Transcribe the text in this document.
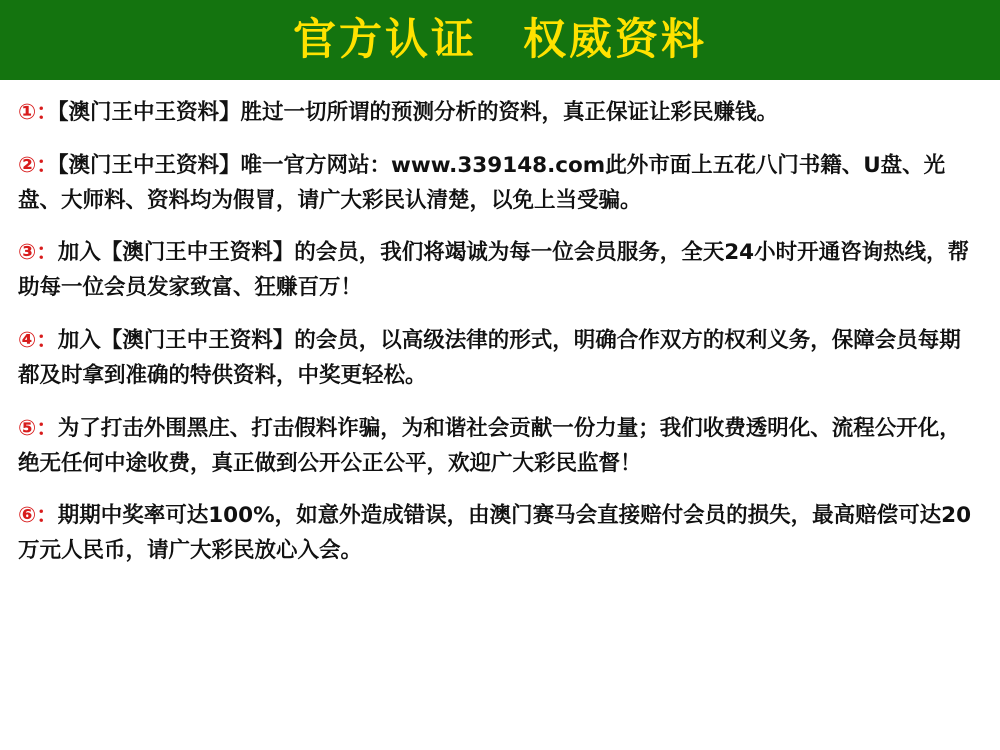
官方认证　权威资料
①：【澳门王中王资料】胜过一切所谓的预测分析的资料，真正保证让彩民赚钱。
②：【澳门王中王资料】唯一官方网站：www.339148.com此外市面上五花八门书籍、U盘、光盘、大师料、资料均为假冒，请广大彩民认清楚，以免上当受骗。
③：加入【澳门王中王资料】的会员，我们将竭诚为每一位会员服务，全天24小时开通咨询热线，帮助每一位会员发家致富、狂赚百万！
④：加入【澳门王中王资料】的会员，以高级法律的形式，明确合作双方的权利义务，保障会员每期都及时拿到准确的特供资料，中奖更轻松。
⑤：为了打击外围黑庄、打击假料诈骗，为和谐社会贡献一份力量；我们收费透明化、流程公开化，绝无任何中途收费，真正做到公开公正公平，欢迎广大彩民监督！
⑥：期期中奖率可达100%，如意外造成错误，由澳门赛马会直接赔付会员的损失，最高赔偿可达20万元人民币，请广大彩民放心入会。
